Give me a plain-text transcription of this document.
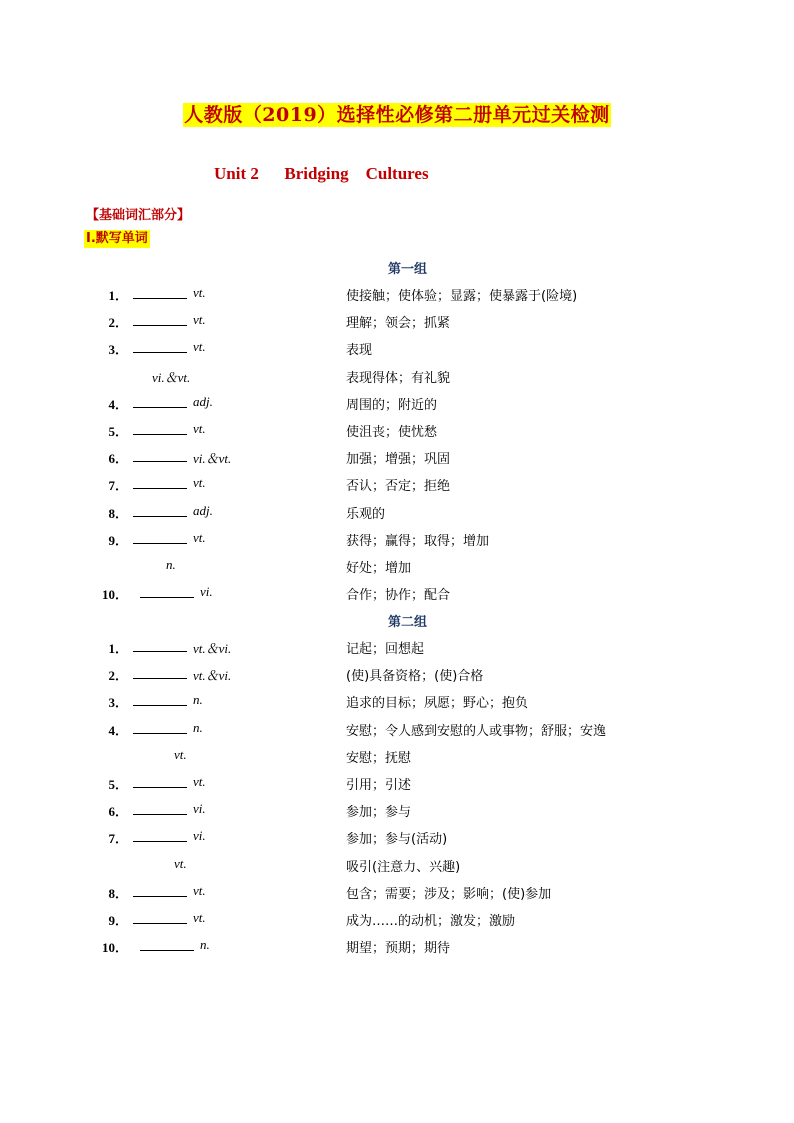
人教版（2019）选择性必修第二册单元过关检测
Unit 2      Bridging    Cultures
【基础词汇部分】
Ⅰ.默写单词
第一组
1．	vt.	使接触；使体验；显露；使暴露于(险境)
2．	vt.	理解；领会；抓紧
3．	vt.	表现
vi.＆vt.	表现得体；有礼貌
4．	adj.	周围的；附近的
5．	vt.	使沮丧；使忧愁
6．	vi.＆vt.	加强；增强；巩固
7．	vt.	否认；否定；拒绝
8．	adj.	乐观的
9．	vt.	获得；赢得；取得；增加
n.	好处；增加
10．	vi.	合作；协作；配合
第二组
1．	vt.＆vi.	记起；回想起
2．	vt.＆vi.	(使)具备资格；(使)合格
3．	n.	追求的目标；夙愿；野心；抱负
4．	n.	安慰；令人感到安慰的人或事物；舒服；安逸
vt.	安慰；抚慰
5．	vt.	引用；引述
6．	vi.	参加；参与
7．	vi.	参加；参与(活动)
vt.	吸引(注意力、兴趣)
8．	vt.	包含；需要；涉及；影响；(使)参加
9．	vt.	成为……的动机；激发；激励
10．	n.	期望；预期；期待
